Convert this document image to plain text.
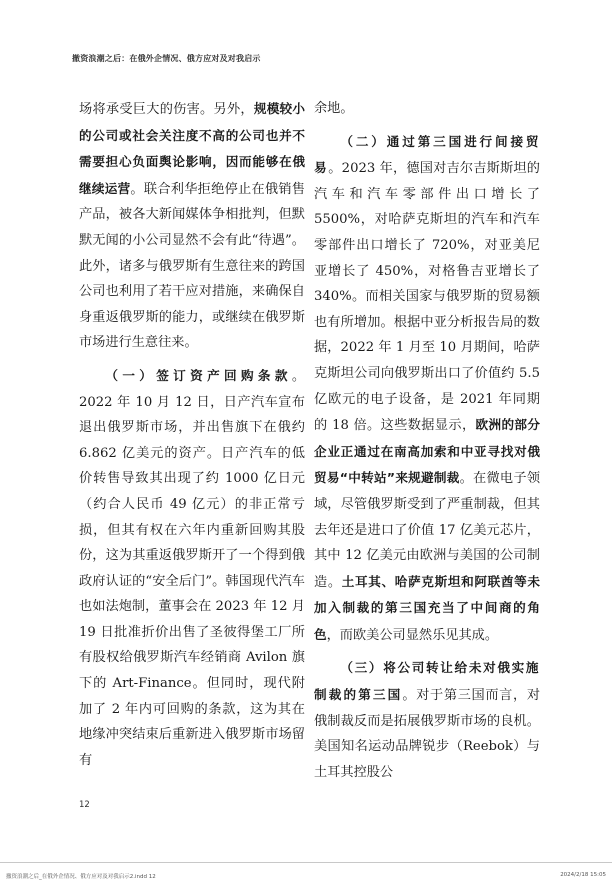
撤资浪潮之后：在俄外企情况、俄方应对及对我启示

场将承受巨大的伤害。另外，规模较小的公司或社会关注度不高的公司也并不需要担心负面舆论影响，因而能够在俄继续运营。联合利华拒绝停止在俄销售产品，被各大新闻媒体争相批判，但默默无闻的小公司显然不会有此“待遇”。此外，诸多与俄罗斯有生意往来的跨国公司也利用了若干应对措施，来确保自身重返俄罗斯的能力，或继续在俄罗斯市场进行生意往来。

（一）签订资产回购条款。2022 年 10 月 12 日，日产汽车宣布退出俄罗斯市场，并出售旗下在俄约 6.862 亿美元的资产。日产汽车的低价转售导致其出现了约 1000 亿日元（约合人民币 49 亿元）的非正常亏损，但其有权在六年内重新回购其股份，这为其重返俄罗斯开了一个得到俄政府认证的“安全后门”。韩国现代汽车也如法炮制，董事会在 2023 年 12 月 19 日批准折价出售了圣彼得堡工厂所有股权给俄罗斯汽车经销商 Avilon 旗下的 Art-Finance。但同时，现代附加了 2 年内可回购的条款，这为其在地缘冲突结束后重新进入俄罗斯市场留有

余地。

（二）通过第三国进行间接贸易。2023 年，德国对吉尔吉斯斯坦的汽车和汽车零部件出口增长了 5500%，对哈萨克斯坦的汽车和汽车零部件出口增长了 720%，对亚美尼亚增长了 450%，对格鲁吉亚增长了 340%。而相关国家与俄罗斯的贸易额也有所增加。根据中亚分析报告局的数据，2022 年 1 月至 10 月期间，哈萨克斯坦公司向俄罗斯出口了价值约 5.5 亿欧元的电子设备，是 2021 年同期的 18 倍。这些数据显示，欧洲的部分企业正通过在南高加索和中亚寻找对俄贸易“中转站”来规避制裁。在微电子领域，尽管俄罗斯受到了严重制裁，但其去年还是进口了价值 17 亿美元芯片，其中 12 亿美元由欧洲与美国的公司制造。土耳其、哈萨克斯坦和阿联酋等未加入制裁的第三国充当了中间商的角色，而欧美公司显然乐见其成。

（三）将公司转让给未对俄实施制裁的第三国。对于第三国而言，对俄制裁反而是拓展俄罗斯市场的良机。美国知名运动品牌锐步（Reebok）与土耳其控股公

12
撤资浪潮之后_在俄外企情况、俄方应对及对我启示2.indd 12	2024/2/18 15:05
